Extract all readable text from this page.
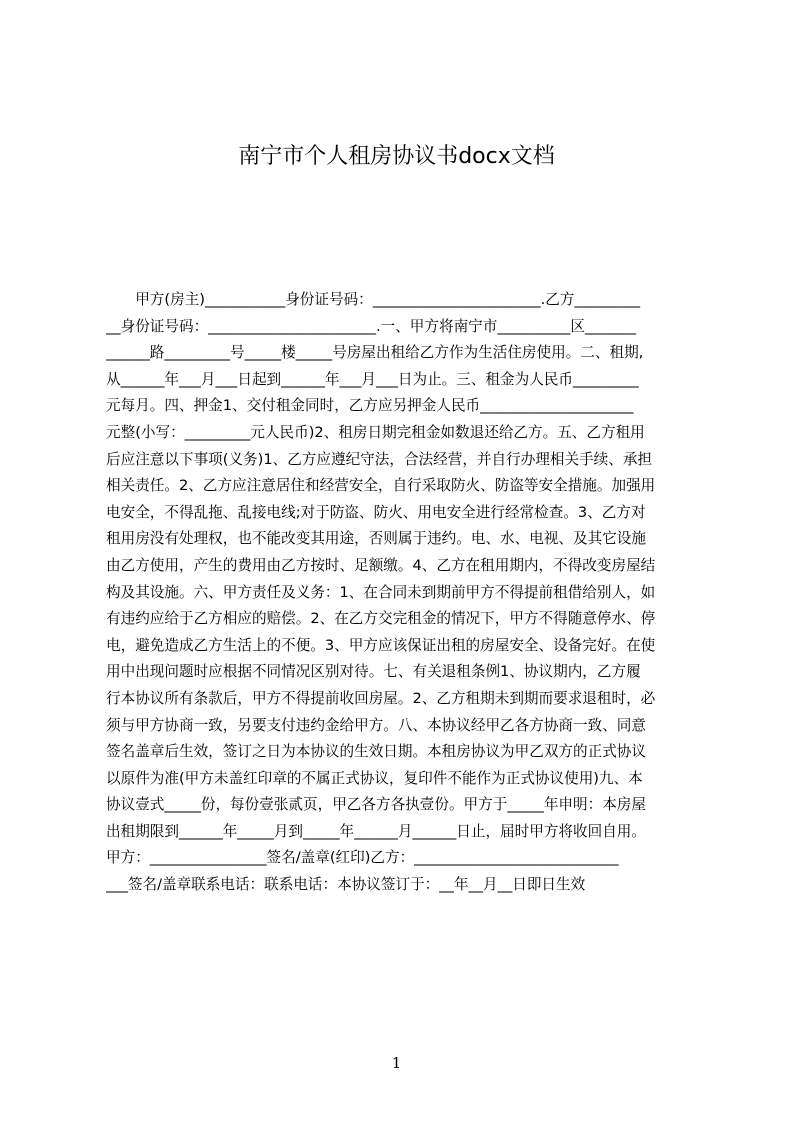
南宁市个人租房协议书docx文档
　　甲方(房主)___________身份证号码：_______________________.乙方_________
__身份证号码：_______________________.一、甲方将南宁市__________区_______
______路_________号_____楼_____号房屋出租给乙方作为生活住房使用。二、租期,
从______年___月___日起到______年___月___日为止。三、租金为人民币_________
元每月。四、押金1、交付租金同时，乙方应另押金人民币_____________________
元整(小写：_________元人民币)2、租房日期完租金如数退还给乙方。五、乙方租用
后应注意以下事项(义务)1、乙方应遵纪守法，合法经营，并自行办理相关手续、承担
相关责任。2、乙方应注意居住和经营安全，自行采取防火、防盗等安全措施。加强用
电安全，不得乱拖、乱接电线;对于防盗、防火、用电安全进行经常检查。3、乙方对
租用房没有处理权，也不能改变其用途，否则属于违约。电、水、电视、及其它设施
由乙方使用，产生的费用由乙方按时、足额缴。4、乙方在租用期内，不得改变房屋结
构及其设施。六、甲方责任及义务：1、在合同未到期前甲方不得提前租借给别人，如
有违约应给于乙方相应的赔偿。2、在乙方交完租金的情况下，甲方不得随意停水、停
电，避免造成乙方生活上的不便。3、甲方应该保证出租的房屋安全、设备完好。在使
用中出现问题时应根据不同情况区别对待。七、有关退租条例1、协议期内，乙方履
行本协议所有条款后，甲方不得提前收回房屋。2、乙方租期未到期而要求退租时，必
须与甲方协商一致，另要支付违约金给甲方。八、本协议经甲乙各方协商一致、同意
签名盖章后生效，签订之日为本协议的生效日期。本租房协议为甲乙双方的正式协议
以原件为准(甲方未盖红印章的不属正式协议，复印件不能作为正式协议使用)九、本
协议壹式_____份，每份壹张贰页，甲乙各方各执壹份。甲方于_____年申明：本房屋
出租期限到______年_____月到_____年______月______日止，届时甲方将收回自用。
甲方：________________签名/盖章(红印)乙方：____________________________
___签名/盖章联系电话：联系电话：本协议签订于：__年__月__日即日生效
1
